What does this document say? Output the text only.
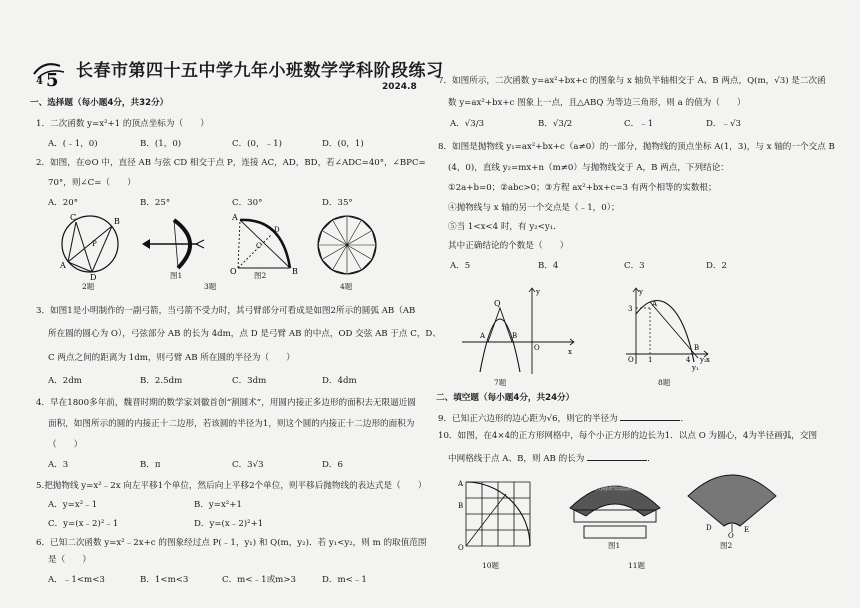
5
4
长春市第四十五中学九年小班数学学科阶段练习
2024.8
一、选择题（每小题4分，共32分）
1．二次函数 y=x²+1 的顶点坐标为（　　）
A．(﹣1，0)	B．(1，0)	C．(0，﹣1)	D．(0，1)
2．如图，在⊙O 中，直径 AB 与弦 CD 相交于点 P，连接 AC，AD，BD，若∠ADC=40°，∠BPC=
70°，则∠C=（　　）
A．20°	B．25°	C．30°	D．35°
B
A
C
D
P
2题
图1
3题
A
B
O
C
D
图2
4题
3．如图1是小明制作的一副弓箭，当弓箭不受力时，其弓臂部分可看成是如图2所示的圆弧 AB（AB
所在圆的圆心为 O），弓弦部分 AB 的长为 4dm，点 D 是弓臂 AB 的中点，OD 交弦 AB 于点 C，D、
C 两点之间的距离为 1dm，则弓臂 AB 所在圆的半径为（　　）
A．2dm	B．2.5dm	C．3dm	D．4dm
4．早在1800多年前，魏晋时期的数学家刘徽首创“割圆术”，用圆内接正多边形的面积去无限逼近圆
面积，如图所示的圆的内接正十二边形，若该圆的半径为1，则这个圆的内接正十二边形的面积为
（　　）
A．3	B．π	C．3√3	D．6
5.把抛物线 y=x²﹣2x 向左平移1个单位，然后向上平移2个单位，则平移后抛物线的表达式是（　　）
A．y=x²﹣1	B．y=x²+1
C．y=(x﹣2)²﹣1	D．y=(x﹣2)²+1
6．已知二次函数 y=x²﹣2x+c 的图象经过点 P(﹣1，y₁) 和 Q(m，y₂)．若 y₁<y₂，则 m 的取值范围
是（　　）
A．﹣1<m<3	B．1<m<3	C．m<﹣1或m>3	D．m<﹣1
7．如图所示，二次函数 y=ax²+bx+c 的图象与 x 轴负半轴相交于 A、B 两点，Q(m，√3) 是二次函
数 y=ax²+bx+c 图象上一点，且△ABQ 为等边三角形，则 a 的值为（　　）
A．√3/3	B．√3/2	C．﹣1	D．﹣√3
8．如图是抛物线 y₁=ax²+bx+c（a≠0）的一部分，抛物线的顶点坐标 A(1，3)，与 x 轴的一个交点 B
(4，0)，直线 y₂=mx+n（m≠0）与抛物线交于 A，B 两点，下列结论：
①2a+b=0；②abc>0；③方程 ax²+bx+c=3 有两个相等的实数根；
④抛物线与 x 轴的另一个交点是（﹣1，0）；
⑤当 1<x<4 时，有 y₂<y₁．
其中正确结论的个数是（　　）
A．5	B．4	C．3	D．2
Q
A	B
O	x
y
7题
3
A
O 1	4
B
y₂
y₁
x
y
8题
二、填空题（每小题4分，共24分）
9．已知正六边形的边心距为√6，则它的半径为	．
10．如图，在4×4的正方形网格中，每个小正方形的边长为1．以点 O 为圆心，4为半径画弧，交图
中网格线于点 A、B，则 AB 的长为	．
A
B
O
10题
富强民主文明和谐自由平等公正法治爱国敬业诚信友善
图1
D	E
O
图2
11题
